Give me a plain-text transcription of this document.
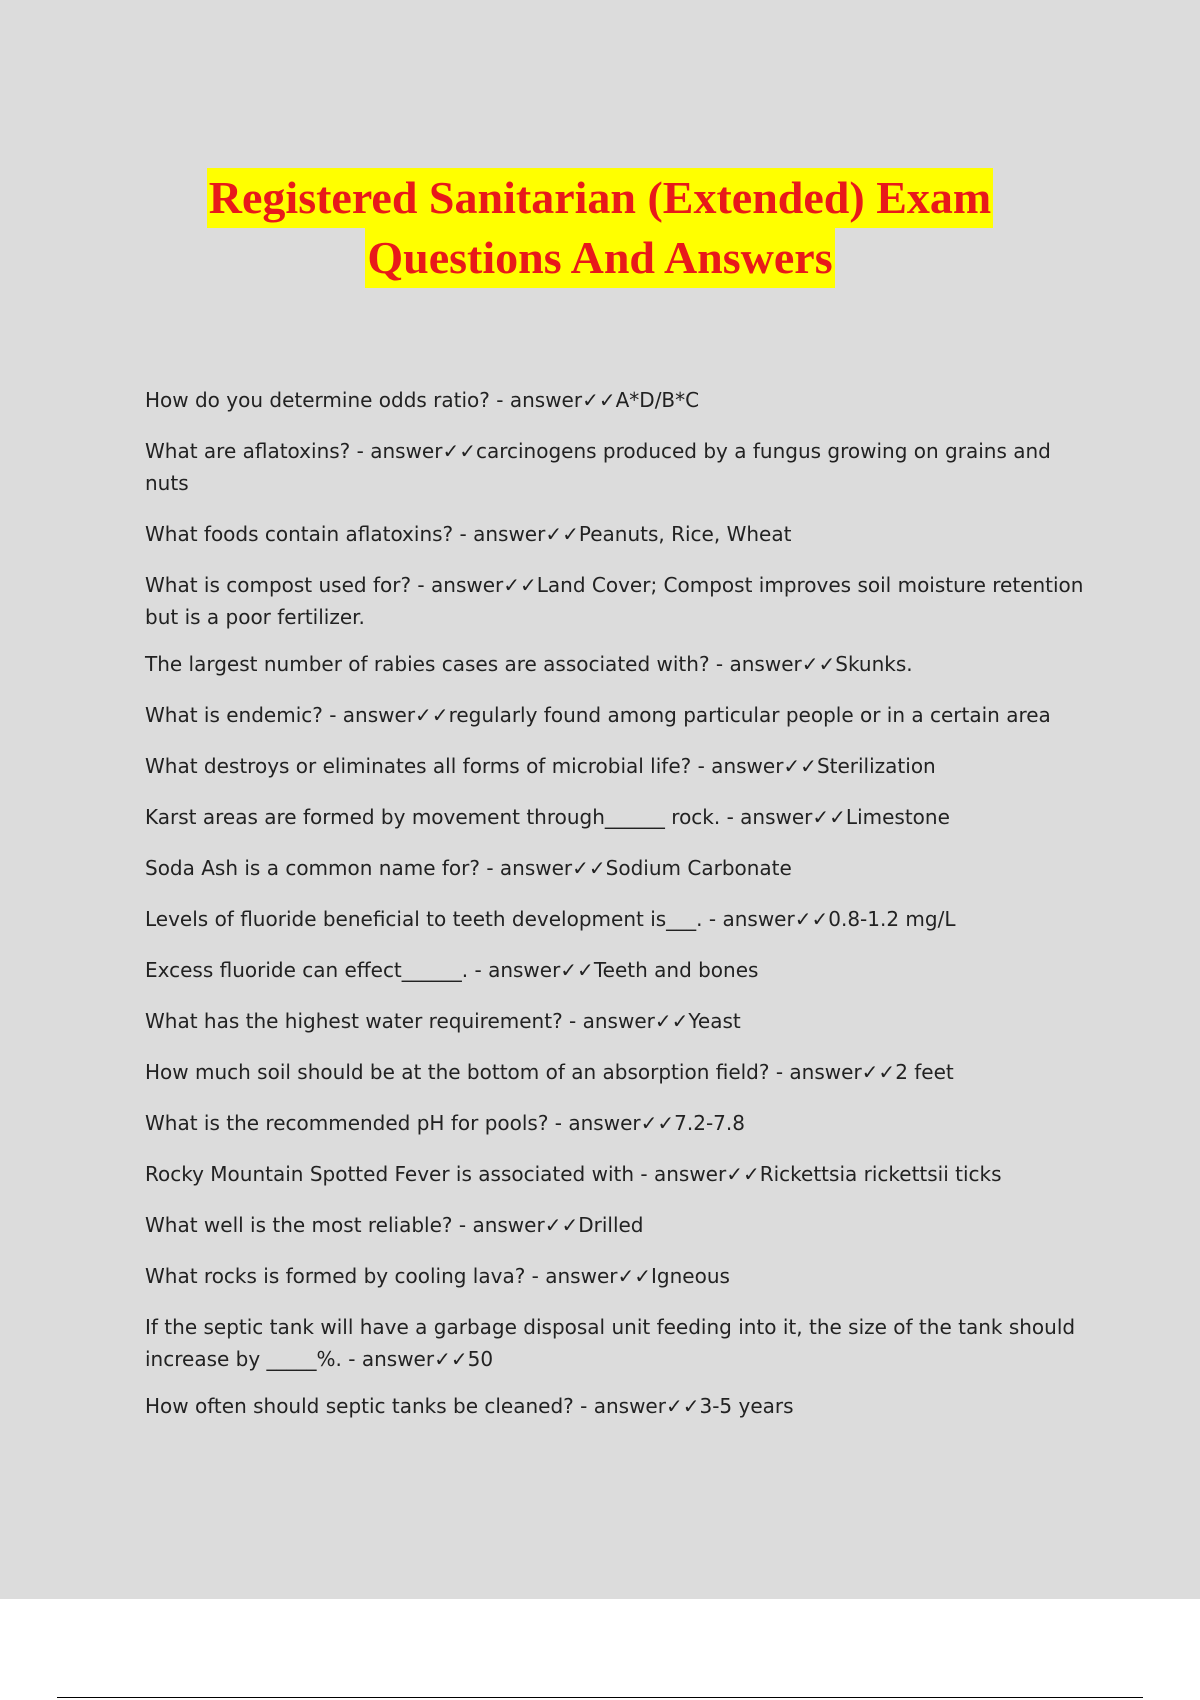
Registered Sanitarian (Extended) Exam
Questions And Answers
How do you determine odds ratio? - answer✓✓A*D/B*C
What are aflatoxins? - answer✓✓carcinogens produced by a fungus growing on grains and nuts
What foods contain aflatoxins? - answer✓✓Peanuts, Rice, Wheat
What is compost used for? - answer✓✓Land Cover; Compost improves soil moisture retention but is a poor fertilizer.
The largest number of rabies cases are associated with? - answer✓✓Skunks.
What is endemic? - answer✓✓regularly found among particular people or in a certain area
What destroys or eliminates all forms of microbial life? - answer✓✓Sterilization
Karst areas are formed by movement through______ rock. - answer✓✓Limestone
Soda Ash is a common name for? - answer✓✓Sodium Carbonate
Levels of fluoride beneficial to teeth development is___. - answer✓✓0.8-1.2 mg/L
Excess fluoride can effect______. - answer✓✓Teeth and bones
What has the highest water requirement? - answer✓✓Yeast
How much soil should be at the bottom of an absorption field? - answer✓✓2 feet
What is the recommended pH for pools? - answer✓✓7.2-7.8
Rocky Mountain Spotted Fever is associated with - answer✓✓Rickettsia rickettsii ticks
What well is the most reliable? - answer✓✓Drilled
What rocks is formed by cooling lava? - answer✓✓Igneous
If the septic tank will have a garbage disposal unit feeding into it, the size of the tank should increase by _____%. - answer✓✓50
How often should septic tanks be cleaned? - answer✓✓3-5 years
